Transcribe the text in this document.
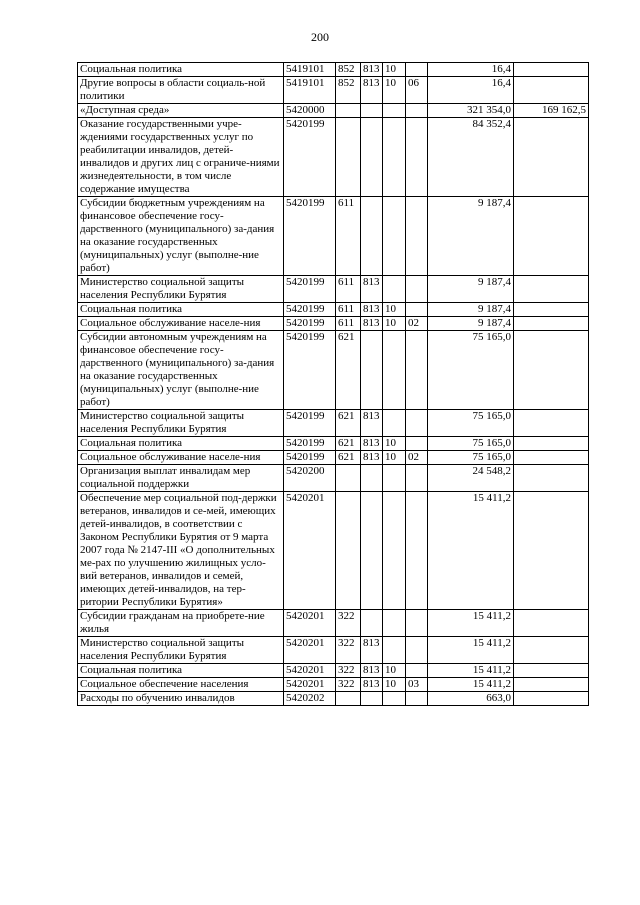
200
Социальная политика	5419101	852	813	10		16,4	
Другие вопросы в области социаль-ной политики	5419101	852	813	10	06	16,4	
«Доступная среда»	5420000					321 354,0	169 162,5
Оказание государственными учре-ждениями государственных услуг по реабилитации инвалидов, детей-инвалидов и других лиц с ограниче-ниями жизнедеятельности, в том числе содержание имущества	5420199					84 352,4	
Субсидии бюджетным учреждениям на финансовое обеспечение госу-дарственного (муниципального) за-дания на оказание государственных (муниципальных) услуг (выполне-ние работ)	5420199	611				9 187,4	
Министерство социальной защиты населения Республики Бурятия	5420199	611	813			9 187,4	
Социальная политика	5420199	611	813	10		9 187,4	
Социальное обслуживание населе-ния	5420199	611	813	10	02	9 187,4	
Субсидии автономным учреждениям на финансовое обеспечение госу-дарственного (муниципального) за-дания на оказание государственных (муниципальных) услуг (выполне-ние работ)	5420199	621				75 165,0	
Министерство социальной защиты населения Республики Бурятия	5420199	621	813			75 165,0	
Социальная политика	5420199	621	813	10		75 165,0	
Социальное обслуживание населе-ния	5420199	621	813	10	02	75 165,0	
Организация выплат инвалидам мер социальной поддержки	5420200					24 548,2	
Обеспечение мер социальной под-держки ветеранов, инвалидов и се-мей, имеющих детей-инвалидов, в соответствии с Законом Республики Бурятия от 9 марта 2007 года № 2147-III «О дополнительных ме-рах по улучшению жилищных усло-вий ветеранов, инвалидов и семей, имеющих детей-инвалидов, на тер-ритории Республики Бурятия»	5420201					15 411,2	
Субсидии гражданам на приобрете-ние жилья	5420201	322				15 411,2	
Министерство социальной защиты населения Республики Бурятия	5420201	322	813			15 411,2	
Социальная политика	5420201	322	813	10		15 411,2	
Социальное обеспечение населения	5420201	322	813	10	03	15 411,2	
Расходы по обучению инвалидов	5420202					663,0	
